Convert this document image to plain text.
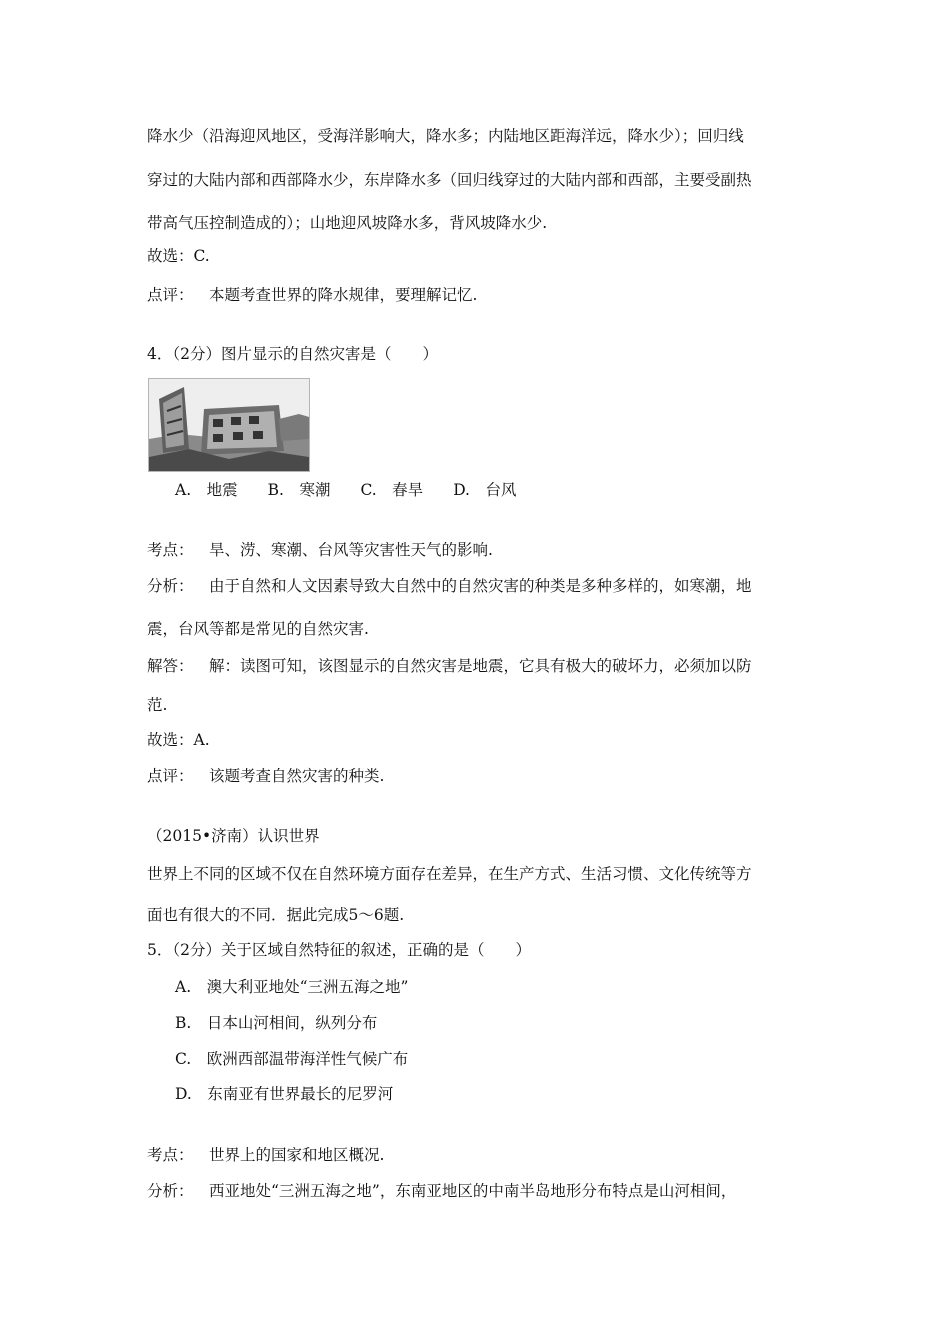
降水少（沿海迎风地区，受海洋影响大，降水多；内陆地区距海洋远，降水少）；回归线
穿过的大陆内部和西部降水少，东岸降水多（回归线穿过的大陆内部和西部，主要受副热
带高气压控制造成的）；山地迎风坡降水多，背风坡降水少.
故选：C.
点评： 本题考查世界的降水规律，要理解记忆.
4．（2分）图片显示的自然灾害是（　　）
A.　地震 B.　寒潮 C.　春旱 D.　台风
考点： 旱、涝、寒潮、台风等灾害性天气的影响.
分析： 由于自然和人文因素导致大自然中的自然灾害的种类是多种多样的，如寒潮，地
震，台风等都是常见的自然灾害.
解答： 解：读图可知，该图显示的自然灾害是地震，它具有极大的破坏力，必须加以防
范.
故选：A.
点评： 该题考查自然灾害的种类.
（2015•济南）认识世界
世界上不同的区域不仅在自然环境方面存在差异，在生产方式、生活习惯、文化传统等方
面也有很大的不同．据此完成5～6题.
5．（2分）关于区域自然特征的叙述，正确的是（　　）
A.　澳大利亚地处“三洲五海之地”
B.　日本山河相间，纵列分布
C.　欧洲西部温带海洋性气候广布
D.　东南亚有世界最长的尼罗河
考点： 世界上的国家和地区概况.
分析： 西亚地处“三洲五海之地”，东南亚地区的中南半岛地形分布特点是山河相间，
